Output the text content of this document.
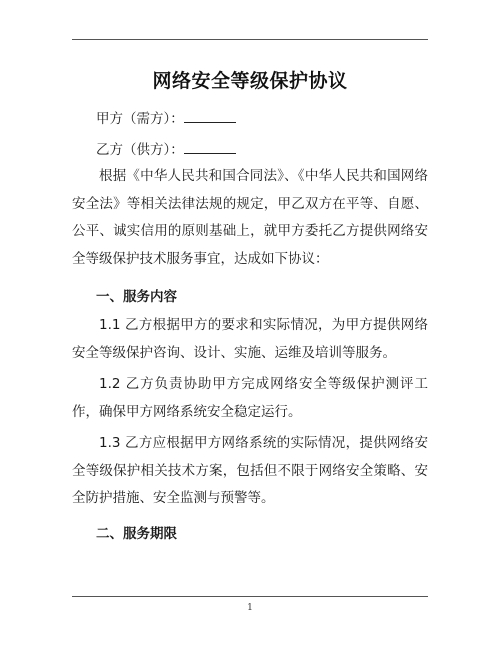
网络安全等级保护协议
甲方（需方）：
乙方（供方）：

根据《中华人民共和国合同法》、《中华人民共和国网络安全法》等相关法律法规的规定，甲乙双方在平等、自愿、公平、诚实信用的原则基础上，就甲方委托乙方提供网络安全等级保护技术服务事宜，达成如下协议：

一、服务内容

1.1 乙方根据甲方的要求和实际情况，为甲方提供网络安全等级保护咨询、设计、实施、运维及培训等服务。

1.2 乙方负责协助甲方完成网络安全等级保护测评工作，确保甲方网络系统安全稳定运行。

1.3 乙方应根据甲方网络系统的实际情况，提供网络安全等级保护相关技术方案，包括但不限于网络安全策略、安全防护措施、安全监测与预警等。

二、服务期限
1
